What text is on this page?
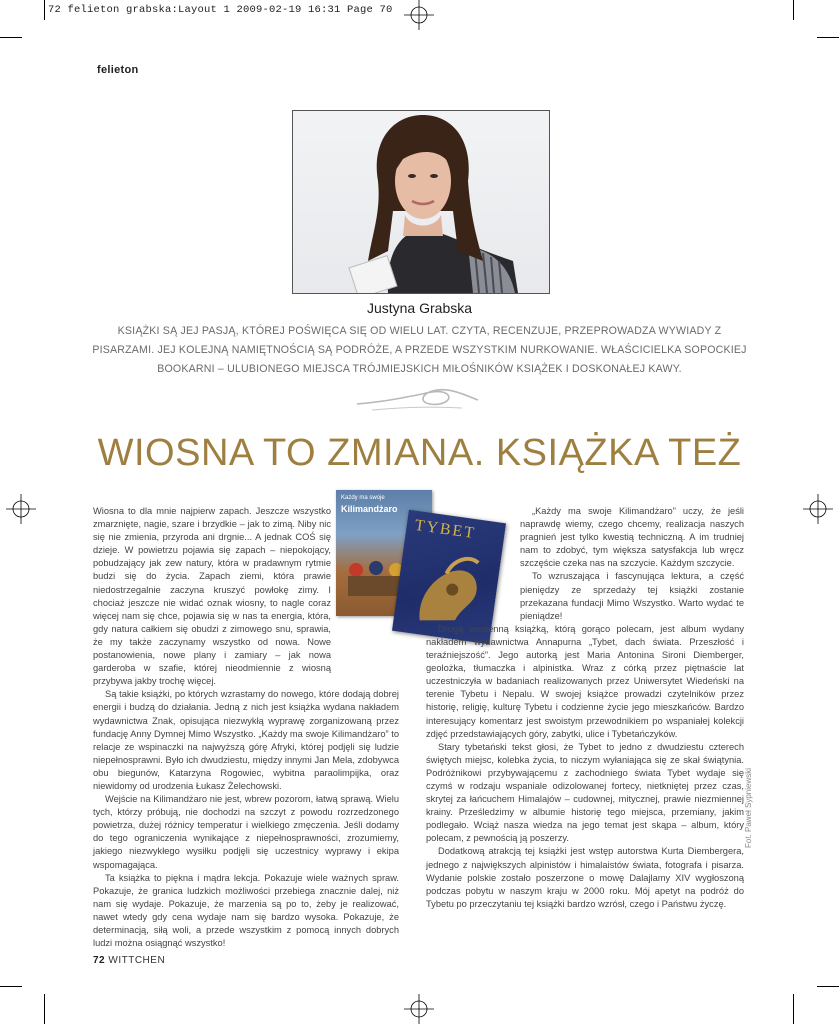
72 felieton grabska:Layout 1 2009-02-19 16:31 Page 70
felieton
Justyna Grabska
KSIĄŻKI SĄ JEJ PASJĄ, KTÓREJ POŚWIĘCA SIĘ OD WIELU LAT. CZYTA, RECENZUJE, PRZEPROWADZA WYWIADY Z PISARZAMI. JEJ KOLEJNĄ NAMIĘTNOŚCIĄ SĄ PODRÓŻE, A PRZEDE WSZYSTKIM NURKOWANIE. WŁAŚCICIELKA SOPOCKIEJ BOOKARNI – ULUBIONEGO MIEJSCA TRÓJMIEJSKICH MIŁOŚNIKÓW KSIĄŻEK I DOSKONAŁEJ KAWY.
WIOSNA TO ZMIANA. KSIĄŻKA TEŻ
Każdy ma swoje
Kilimandżaro
TYBET

Wiosna to dla mnie najpierw zapach. Jeszcze wszystko zmarznięte, nagie, szare i brzydkie – jak to zimą. Niby nic się nie zmienia, przyroda ani drgnie... A jednak COŚ się dzieje. W powietrzu pojawia się zapach – niepokojący, pobudzający jak zew natury, która w pradawnym rytmie budzi się do życia. Zapach ziemi, która prawie niedostrzegalnie zaczyna kruszyć powłokę zimy. I chociaż jeszcze nie widać oznak wiosny, to nagle coraz więcej nam się chce, pojawia się w nas ta energia, która, gdy natura całkiem się obudzi z zimowego snu, sprawia, że my także zaczynamy wszystko od nowa. Nowe postanowienia, nowe plany i zamiary – jak nowa garderoba w szafie, której nieodmiennie z wiosną przybywa jakby trochę więcej.

Są takie książki, po których wzrastamy do nowego, które dodają dobrej energii i budzą do działania. Jedną z nich jest książka wydana nakładem wydawnictwa Znak, opisująca niezwykłą wyprawę zorganizowaną przez fundację Anny Dymnej Mimo Wszystko. „Każdy ma swoje Kilimandżaro” to relacje ze wspinaczki na najwyższą górę Afryki, której podjęli się ludzie niepełnosprawni. Było ich dwudziestu, między innymi Jan Mela, zdobywca obu biegunów, Katarzyna Rogowiec, wybitna paraolimpijka, oraz niewidomy od urodzenia Łukasz Żelechowski.

Wejście na Kilimandżaro nie jest, wbrew pozorom, łatwą sprawą. Wielu tych, którzy próbują, nie dochodzi na szczyt z powodu rozrzedzonego powietrza, dużej różnicy temperatur i wielkiego zmęczenia. Jeśli dodamy do tego ograniczenia wynikające z niepełnosprawności, zrozumiemy, jakiego niezwykłego wysiłku podjęli się uczestnicy wyprawy i ekipa wspomagająca.

Ta książka to piękna i mądra lekcja. Pokazuje wiele ważnych spraw. Pokazuje, że granica ludzkich możliwości przebiega znacznie dalej, niż nam się wydaje. Pokazuje, że marzenia są po to, żeby je realizować, nawet wtedy gdy cena wydaje nam się bardzo wysoka. Pokazuje, że determinacją, siłą woli, a przede wszystkim z pomocą innych dobrych ludzi można osiągnąć wszystko!

„Każdy ma swoje Kilimandżaro” uczy, że jeśli naprawdę wiemy, czego chcemy, realizacja naszych pragnień jest tylko kwestią techniczną. A im trudniej nam to zdobyć, tym większa satysfakcja lub wręcz szczęście czeka nas na szczycie. Każdym szczycie.

To wzruszająca i fascynująca lektura, a część pieniędzy ze sprzedaży tej książki zostanie przekazana fundacji Mimo Wszystko. Warto wydać te pieniądze!

Drugą wiosenną książką, którą gorąco polecam, jest album wydany nakładem wydawnictwa Annapurna „Tybet, dach świata. Przeszłość i teraźniejszość”. Jego autorką jest Maria Antonina Sironi Diemberger, geolożka, tłumaczka i alpinistka. Wraz z córką przez piętnaście lat uczestniczyła w badaniach realizowanych przez Uniwersytet Wiedeński na terenie Tybetu i Nepalu. W swojej książce prowadzi czytelników przez historię, religię, kulturę Tybetu i codzienne życie jego mieszkańców. Bardzo interesujący komentarz jest swoistym przewodnikiem po wspaniałej kolekcji zdjęć przedstawiających góry, zabytki, ulice i Tybetańczyków.

Stary tybetański tekst głosi, że Tybet to jedno z dwudziestu czterech świętych miejsc, kolebka życia, to niczym wyłaniająca się ze skał świątynia. Podróżnikowi przybywającemu z zachodniego świata Tybet wydaje się czymś w rodzaju wspaniale odizolowanej fortecy, nietkniętej przez czas, skrytej za łańcuchem Himalajów – cudownej, mitycznej, prawie niezmiennej krainy. Prześledzimy w albumie historię tego miejsca, przemiany, jakim podlegało. Wciąż nasza wiedza na jego temat jest skąpa – album, który polecam, z pewnością ją poszerzy.

Dodatkową atrakcją tej książki jest wstęp autorstwa Kurta Diembergera, jednego z największych alpinistów i himalaistów świata, fotografa i pisarza. Wydanie polskie zostało poszerzone o mowę Dalajlamy XIV wygłoszoną podczas pobytu w naszym kraju w 2000 roku. Mój apetyt na podróż do Tybetu po przeczytaniu tej książki bardzo wzrósł, czego i Państwu życzę.

Fot. Paweł Sypniewski
72 WITTCHEN
